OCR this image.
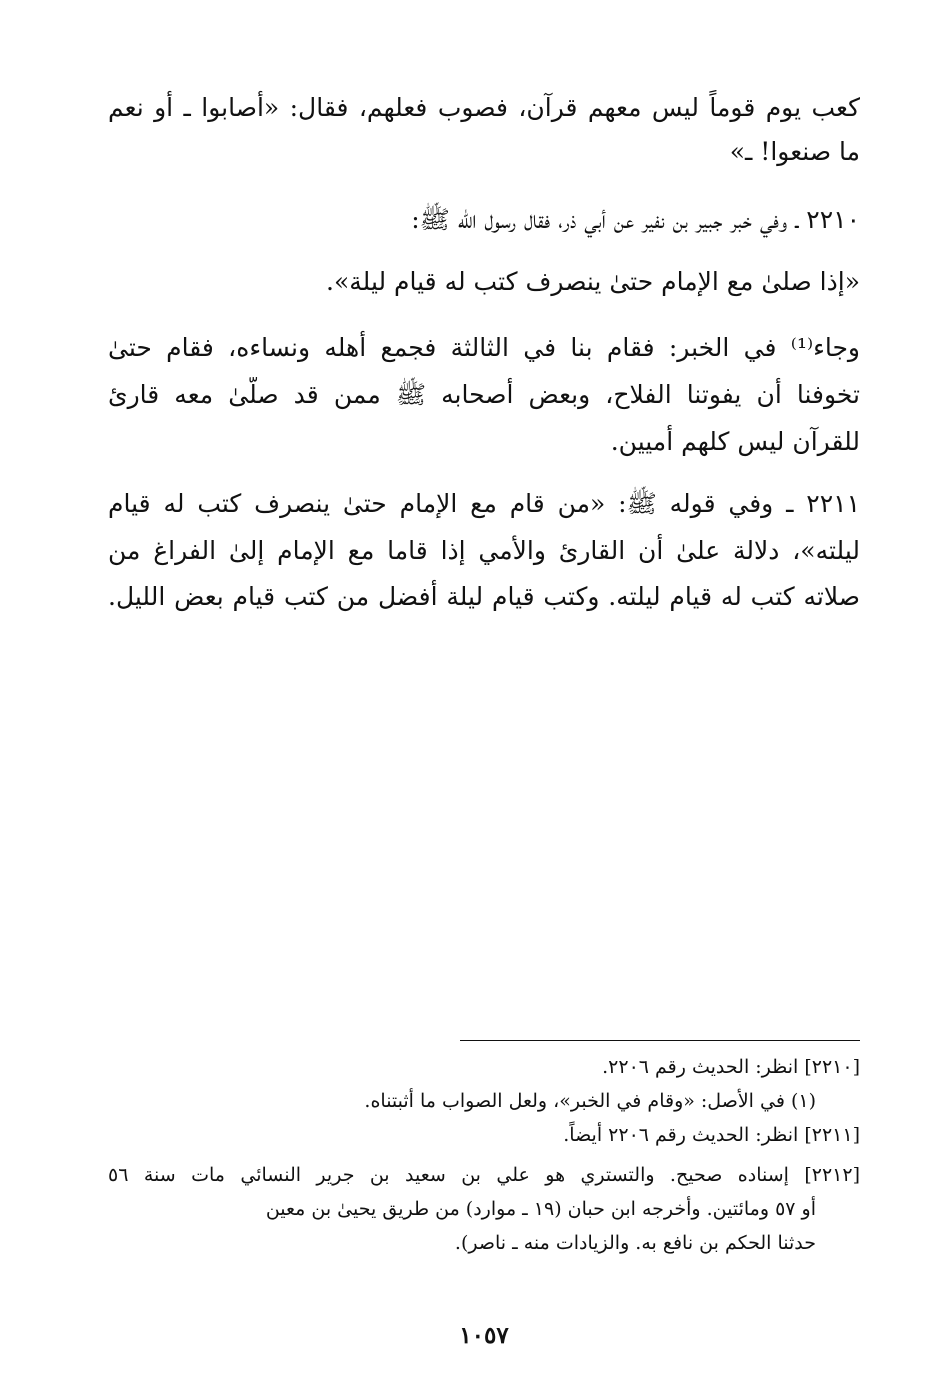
كعب يوم قوماً ليس معهم قرآن، فصوب فعلهم، فقال: «أصابوا ـ أو نعم
ما صنعوا! ـ»
٢٢١٠ ـ وفي خبر جبير بن نفير عن أبي ذر، فقال رسول الله ﷺ:
«إذا صلىٰ مع الإمام حتىٰ ينصرف كتب له قيام ليلة».
وجاء⁽¹⁾ في الخبر: فقام بنا في الثالثة فجمع أهله ونساءه، فقام حتىٰ
تخوفنا أن يفوتنا الفلاح، وبعض أصحابه ﷺ ممن قد صلّىٰ معه قارئ
للقرآن ليس كلهم أميين.
٢٢١١ ـ وفي قوله ﷺ: «من قام مع الإمام حتىٰ ينصرف كتب له قيام
ليلته»، دلالة علىٰ أن القارئ والأمي إذا قاما مع الإمام إلىٰ الفراغ من
صلاته كتب له قيام ليلته. وكتب قيام ليلة أفضل من كتب قيام بعض الليل.
[٢٢١٠] انظر: الحديث رقم ٢٢٠٦.
(١) في الأصل: «وقام في الخبر»، ولعل الصواب ما أثبتناه.
[٢٢١١] انظر: الحديث رقم ٢٢٠٦ أيضاً.
[٢٢١٢] إسناده صحيح. والتستري هو علي بن سعيد بن جرير النسائي مات سنة ٥٦
أو ٥٧ ومائتين. وأخرجه ابن حبان (١٩ ـ موارد) من طريق يحيىٰ بن معين
حدثنا الحكم بن نافع به. والزيادات منه ـ ناصر).
١٠٥٧
